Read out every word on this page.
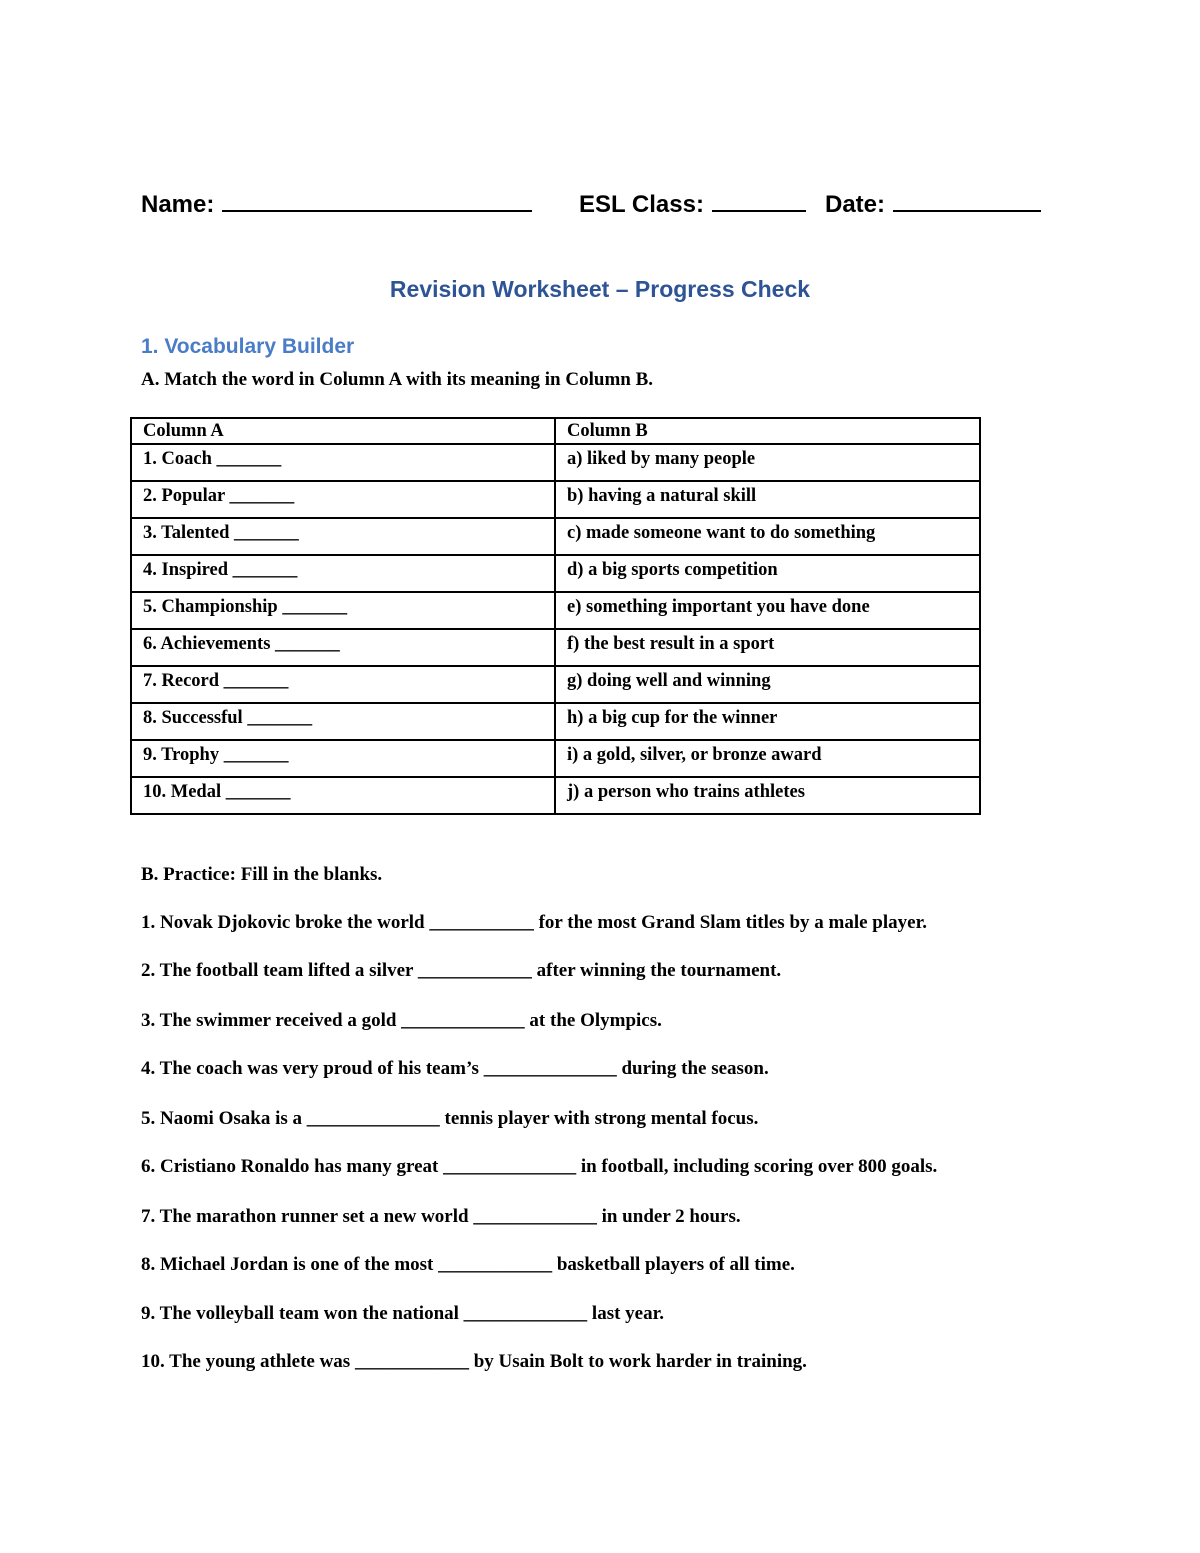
Name:	ESL Class:	Date:
Revision Worksheet – Progress Check
1. Vocabulary Builder
A. Match the word in Column A with its meaning in Column B.
Column A	Column B
1. Coach _______	a) liked by many people
2. Popular _______	b) having a natural skill
3. Talented _______	c) made someone want to do something
4. Inspired _______	d) a big sports competition
5. Championship _______	e) something important you have done
6. Achievements _______	f) the best result in a sport
7. Record _______	g) doing well and winning
8. Successful _______	h) a big cup for the winner
9. Trophy _______	i) a gold, silver, or bronze award
10. Medal _______	j) a person who trains athletes
B. Practice: Fill in the blanks.
1. Novak Djokovic broke the world ___________ for the most Grand Slam titles by a male player.
2. The football team lifted a silver ____________ after winning the tournament.
3. The swimmer received a gold _____________ at the Olympics.
4. The coach was very proud of his team’s ______________ during the season.
5. Naomi Osaka is a ______________ tennis player with strong mental focus.
6. Cristiano Ronaldo has many great ______________ in football, including scoring over 800 goals.
7. The marathon runner set a new world _____________ in under 2 hours.
8. Michael Jordan is one of the most ____________ basketball players of all time.
9. The volleyball team won the national _____________ last year.
10. The young athlete was ____________ by Usain Bolt to work harder in training.
